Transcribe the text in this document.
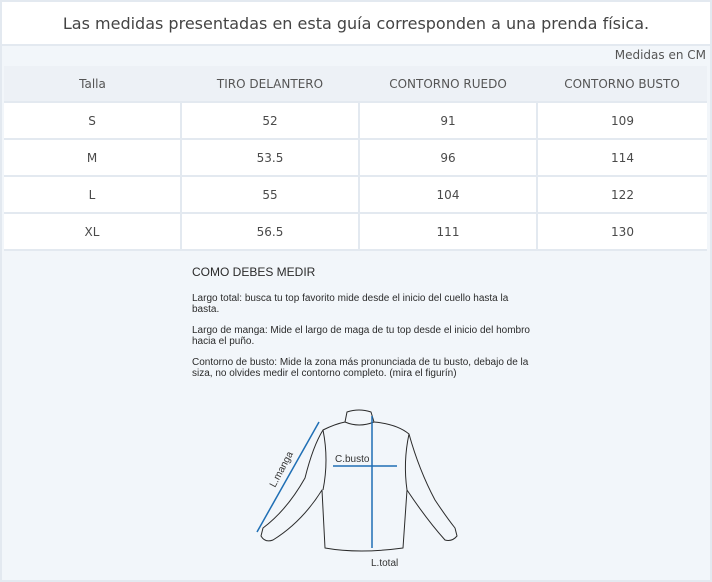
Las medidas presentadas en esta guía corresponden a una prenda física.
Medidas en CM
Talla	TIRO DELANTERO	CONTORNO RUEDO	CONTORNO BUSTO
S	52	91	109
M	53.5	96	114
L	55	104	122
XL	56.5	111	130
COMO DEBES MEDIR

Largo total: busca tu top favorito mide desde el inicio del cuello hasta la basta.

Largo de manga: Mide el largo de maga de tu top desde el inicio del hombro hacia el puño.

Contorno de busto: Mide la zona más pronunciada de tu busto, debajo de la siza, no olvides medir el contorno completo. (mira el figurín)

L.manga	C.busto
L.total
